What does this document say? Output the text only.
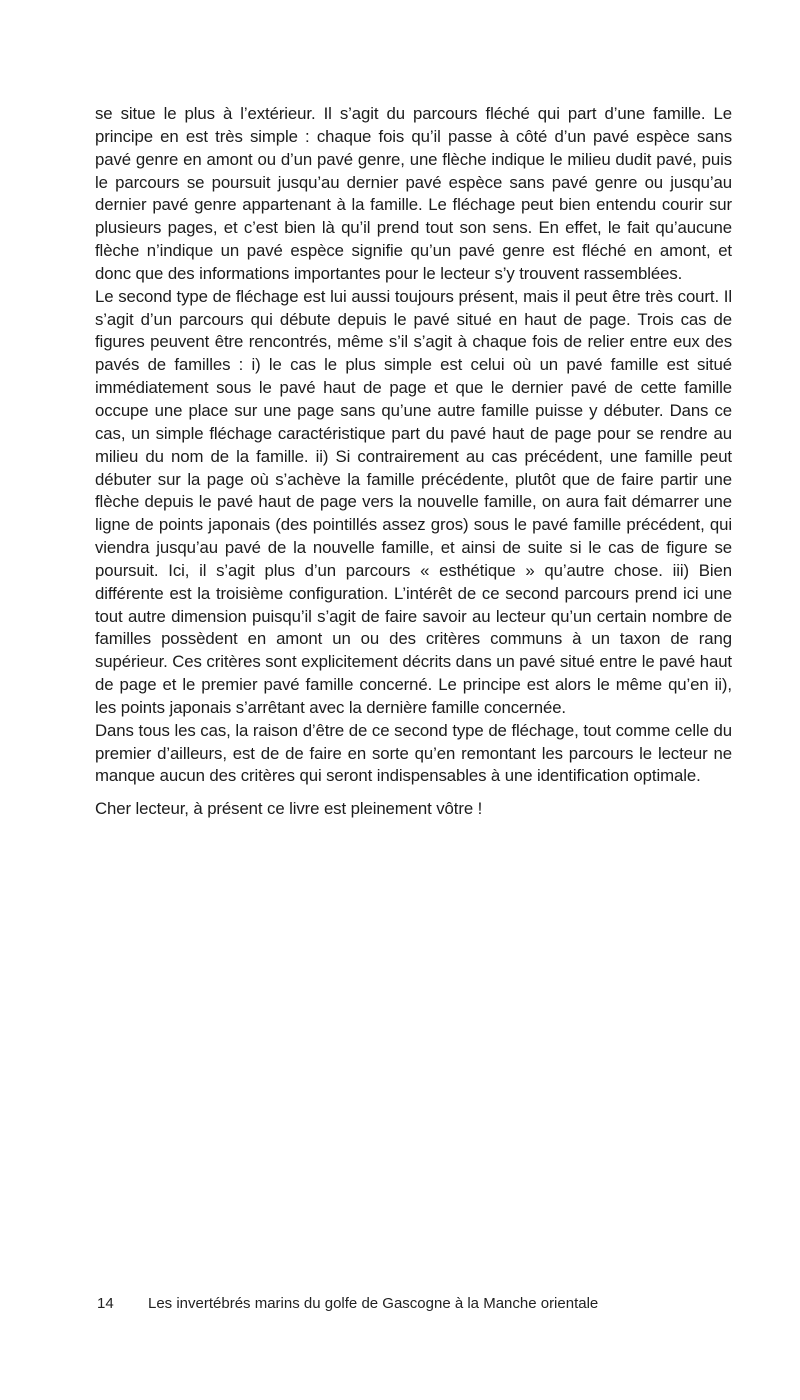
se situe le plus à l’extérieur. Il s’agit du parcours fléché qui part d’une famille. Le principe en est très simple : chaque fois qu’il passe à côté d’un pavé espèce sans pavé genre en amont ou d’un pavé genre, une flèche indique le milieu dudit pavé, puis le parcours se poursuit jusqu’au dernier pavé espèce sans pavé genre ou jusqu’au dernier pavé genre appartenant à la famille. Le fléchage peut bien entendu courir sur plusieurs pages, et c’est bien là qu’il prend tout son sens. En effet, le fait qu’aucune flèche n’indique un pavé espèce signifie qu’un pavé genre est fléché en amont, et donc que des informations importantes pour le lecteur s’y trouvent rassemblées.

Le second type de fléchage est lui aussi toujours présent, mais il peut être très court. Il s’agit d’un parcours qui débute depuis le pavé situé en haut de page. Trois cas de figures peuvent être rencontrés, même s’il s’agit à chaque fois de relier entre eux des pavés de familles : i) le cas le plus simple est celui où un pavé famille est situé immédiatement sous le pavé haut de page et que le dernier pavé de cette famille occupe une place sur une page sans qu’une autre famille puisse y débuter. Dans ce cas, un simple fléchage caractéristique part du pavé haut de page pour se rendre au milieu du nom de la famille. ii) Si contrairement au cas précédent, une famille peut débuter sur la page où s’achève la famille précédente, plutôt que de faire partir une flèche depuis le pavé haut de page vers la nouvelle famille, on aura fait démarrer une ligne de points japonais (des pointillés assez gros) sous le pavé famille précédent, qui viendra jusqu’au pavé de la nouvelle famille, et ainsi de suite si le cas de figure se poursuit. Ici, il s’agit plus d’un parcours « esthétique » qu’autre chose. iii) Bien différente est la troisième configuration. L’intérêt de ce second parcours prend ici une tout autre dimension puisqu’il s’agit de faire savoir au lecteur qu’un certain nombre de familles possèdent en amont un ou des critères communs à un taxon de rang supérieur. Ces critères sont explicitement décrits dans un pavé situé entre le pavé haut de page et le premier pavé famille concerné. Le principe est alors le même qu’en ii), les points japonais s’arrêtant avec la dernière famille concernée.

Dans tous les cas, la raison d’être de ce second type de fléchage, tout comme celle du premier d’ailleurs, est de de faire en sorte qu’en remontant les parcours le lecteur ne manque aucun des critères qui seront indispensables à une identification optimale.

Cher lecteur, à présent ce livre est pleinement vôtre !

14	Les invertébrés marins du golfe de Gascogne à la Manche orientale
